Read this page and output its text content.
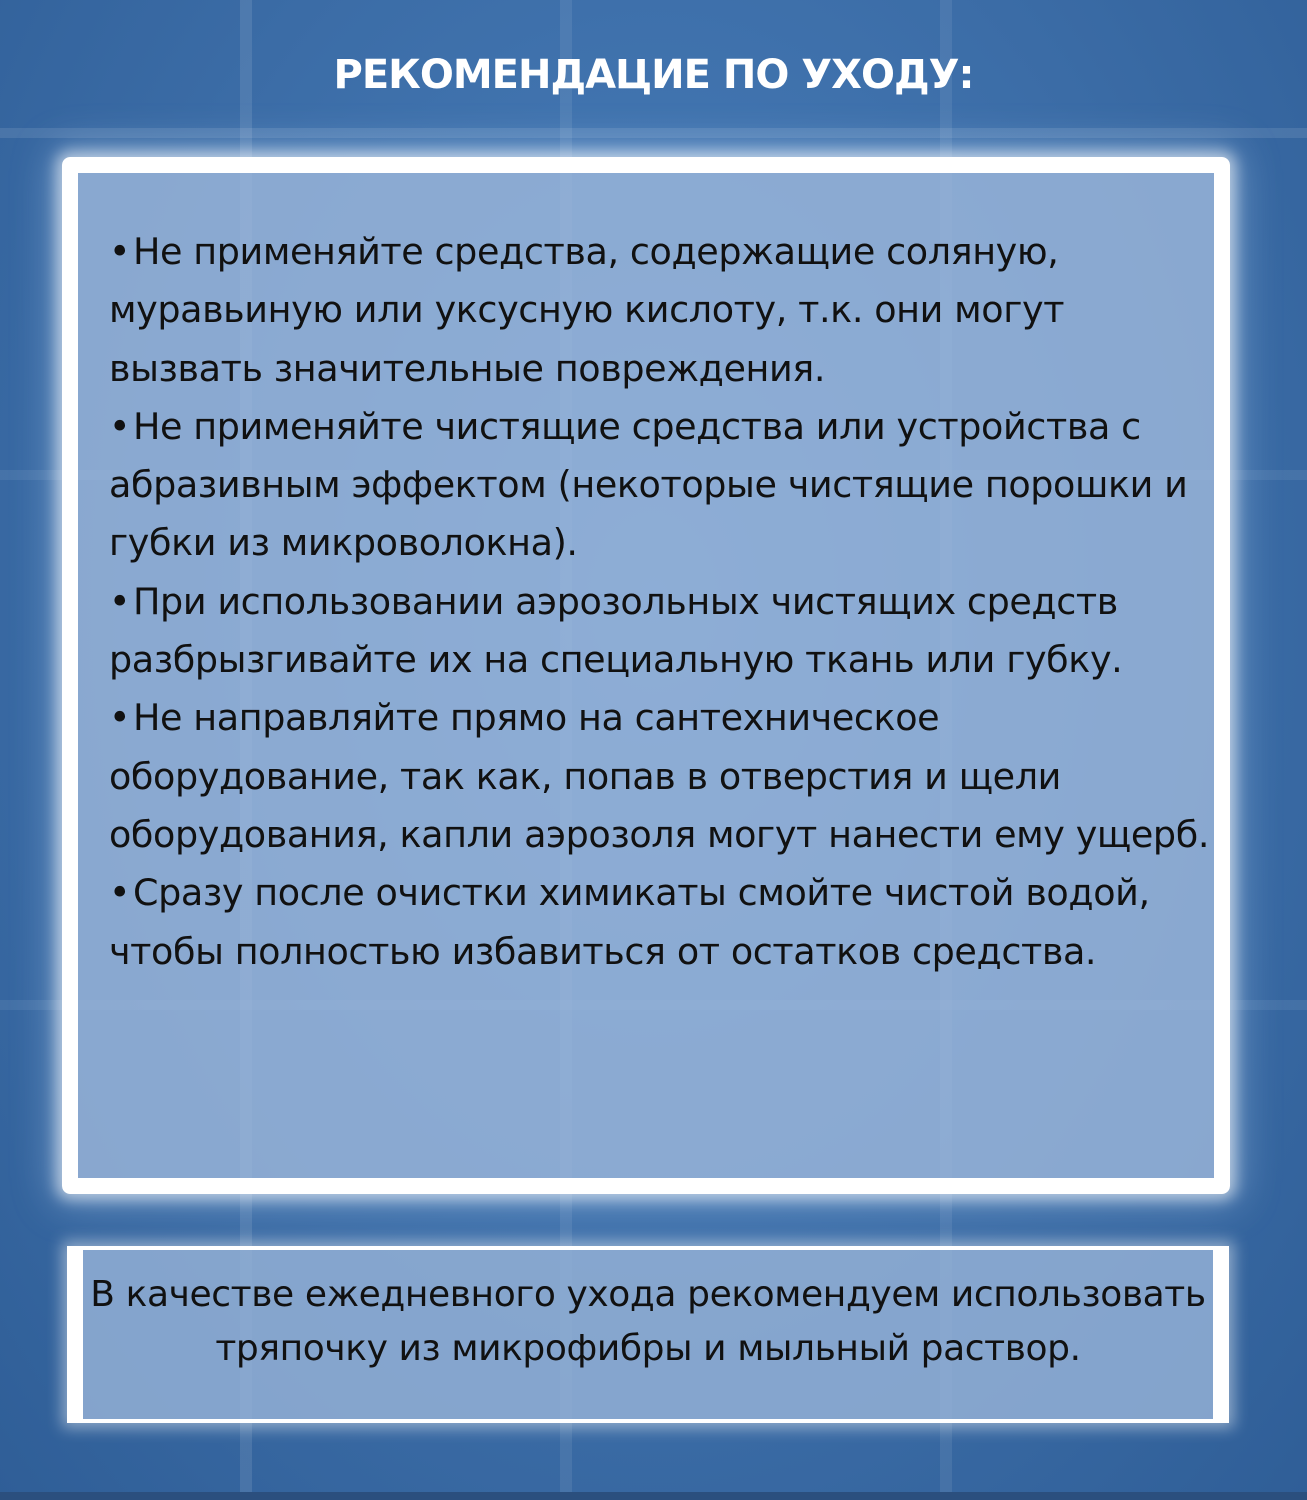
РЕКОМЕНДАЦИЕ ПО УХОДУ:
•Не применяйте средства, содержащие соляную, муравьиную или уксусную кислоту, т.к. они могут вызвать значительные повреждения.
•Не применяйте чистящие средства или устройства с абразивным эффектом (некоторые чистящие порошки и губки из микроволокна).
•При использовании аэрозольных чистящих средств разбрызгивайте их на специальную ткань или губку.
•Не направляйте прямо на сантехническое оборудование, так как, попав в отверстия и щели оборудования, капли аэрозоля могут нанести ему ущерб.
•Сразу после очистки химикаты смойте чистой водой, чтобы полностью избавиться от остатков средства.

В качестве ежедневного ухода рекомендуем использовать тряпочку из микрофибры и мыльный раствор.
